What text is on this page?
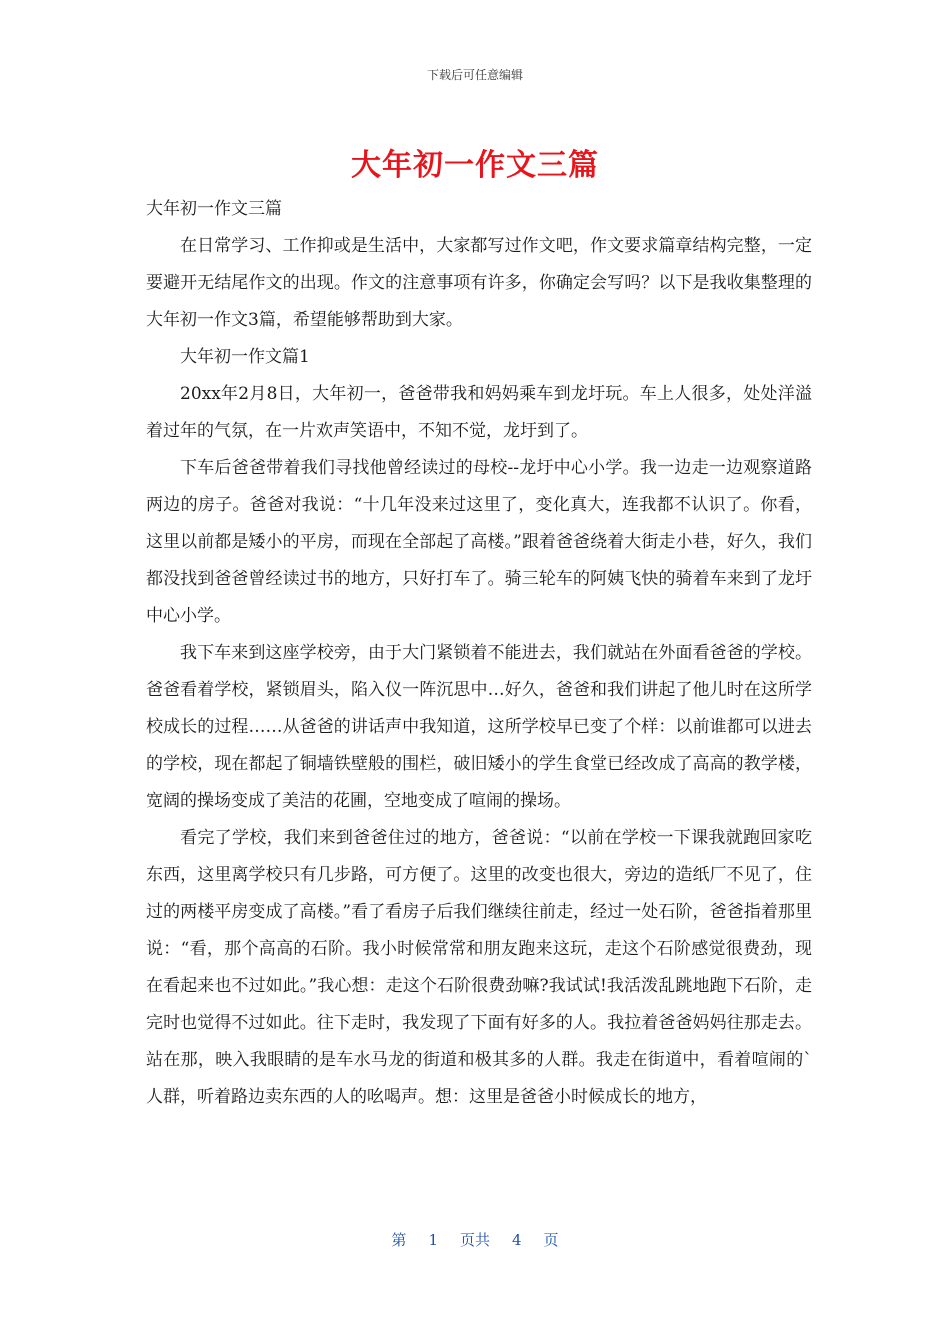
下载后可任意编辑
大年初一作文三篇

大年初一作文三篇

在日常学习、工作抑或是生活中，大家都写过作文吧，作文要求篇章结构完整，一定要避开无结尾作文的出现。作文的注意事项有许多，你确定会写吗？以下是我收集整理的大年初一作文3篇，希望能够帮助到大家。

大年初一作文篇1

20xx年2月8日，大年初一，爸爸带我和妈妈乘车到龙圩玩。车上人很多，处处洋溢着过年的气氛，在一片欢声笑语中，不知不觉，龙圩到了。

下车后爸爸带着我们寻找他曾经读过的母校--龙圩中心小学。我一边走一边观察道路两边的房子。爸爸对我说：“十几年没来过这里了，变化真大，连我都不认识了。你看，这里以前都是矮小的平房，而现在全部起了高楼。”跟着爸爸绕着大街走小巷，好久，我们都没找到爸爸曾经读过书的地方，只好打车了。骑三轮车的阿姨飞快的骑着车来到了龙圩中心小学。

我下车来到这座学校旁，由于大门紧锁着不能进去，我们就站在外面看爸爸的学校。爸爸看着学校，紧锁眉头，陷入仪一阵沉思中…好久，爸爸和我们讲起了他儿时在这所学校成长的过程……从爸爸的讲话声中我知道，这所学校早已变了个样：以前谁都可以进去的学校，现在都起了铜墙铁壁般的围栏，破旧矮小的学生食堂已经改成了高高的教学楼，宽阔的操场变成了美洁的花圃，空地变成了喧闹的操场。

看完了学校，我们来到爸爸住过的地方，爸爸说：“以前在学校一下课我就跑回家吃东西，这里离学校只有几步路，可方便了。这里的改变也很大，旁边的造纸厂不见了，住过的两楼平房变成了高楼。”看了看房子后我们继续往前走，经过一处石阶，爸爸指着那里说：“看，那个高高的石阶。我小时候常常和朋友跑来这玩，走这个石阶感觉很费劲，现在看起来也不过如此。”我心想：走这个石阶很费劲嘛?我试试!我活泼乱跳地跑下石阶，走完时也觉得不过如此。往下走时，我发现了下面有好多的人。我拉着爸爸妈妈往那走去。站在那，映入我眼睛的是车水马龙的街道和极其多的人群。我走在街道中，看着喧闹的`人群，听着路边卖东西的人的吆喝声。想：这里是爸爸小时候成长的地方，

第 1 页共 4 页
